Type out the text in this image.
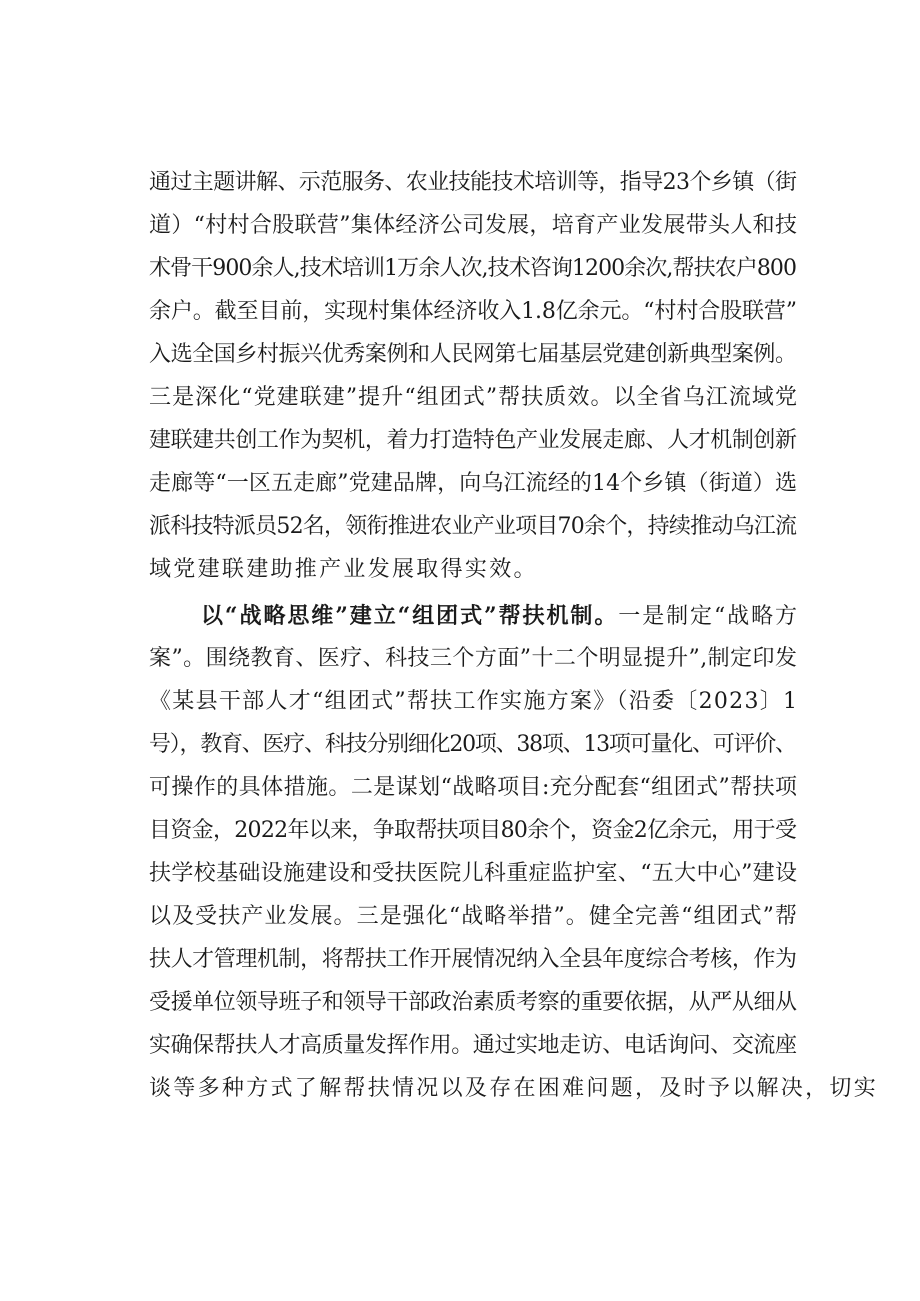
通过主题讲解、示范服务、农业技能技术培训等，指导23个乡镇（街
道）“村村合股联营”集体经济公司发展，培育产业发展带头人和技
术骨干900余人,技术培训1万余人次,技术咨询1200余次,帮扶农户800
余户。截至目前，实现村集体经济收入1.8亿余元。“村村合股联营”
入选全国乡村振兴优秀案例和人民网第七届基层党建创新典型案例。
三是深化“党建联建”提升“组团式”帮扶质效。以全省乌江流域党
建联建共创工作为契机，着力打造特色产业发展走廊、人才机制创新
走廊等“一区五走廊”党建品牌，向乌江流经的14个乡镇（街道）选
派科技特派员52名，领衔推进农业产业项目70余个，持续推动乌江流
域党建联建助推产业发展取得实效。
以“战略思维”建立“组团式”帮扶机制。一是制定“战略方
案”。围绕教育、医疗、科技三个方面”十二个明显提升”,制定印发
《某县干部人才“组团式”帮扶工作实施方案》（沿委〔2023〕1
号），教育、医疗、科技分别细化20项、38项、13项可量化、可评价、
可操作的具体措施。二是谋划“战略项目:充分配套“组团式”帮扶项
目资金，2022年以来，争取帮扶项目80余个，资金2亿余元，用于受
扶学校基础设施建设和受扶医院儿科重症监护室、“五大中心”建设
以及受扶产业发展。三是强化“战略举措”。健全完善“组团式”帮
扶人才管理机制，将帮扶工作开展情况纳入全县年度综合考核，作为
受援单位领导班子和领导干部政治素质考察的重要依据，从严从细从
实确保帮扶人才高质量发挥作用。通过实地走访、电话询问、交流座
谈等多种方式了解帮扶情况以及存在困难问题，及时予以解决，切实
